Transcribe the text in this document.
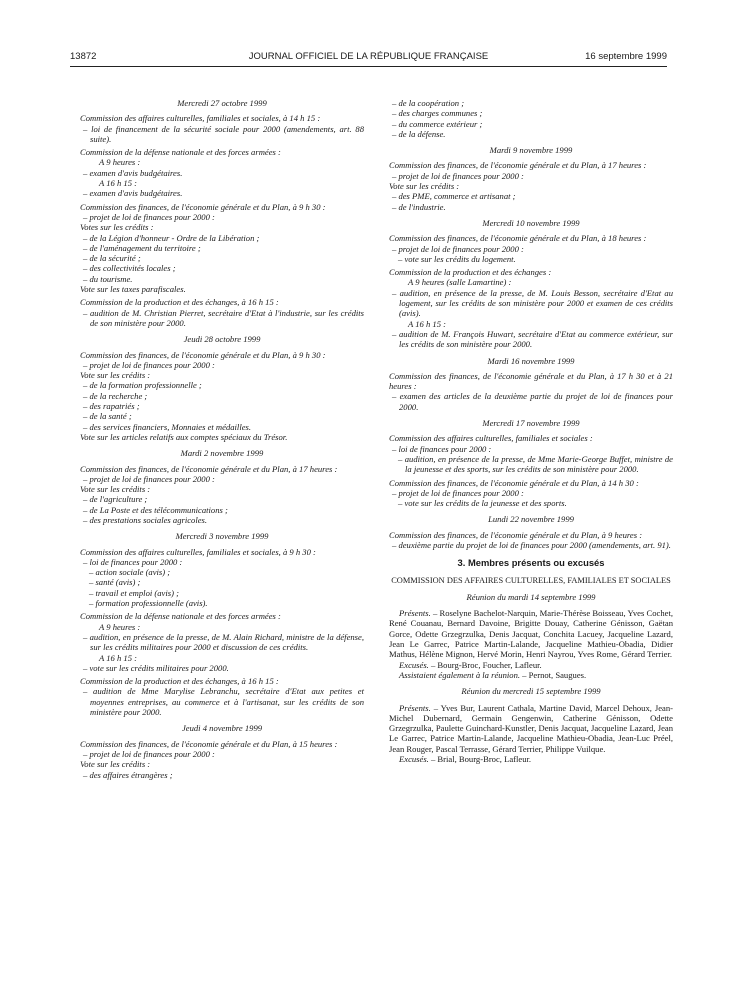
13872	JOURNAL OFFICIEL DE LA RÉPUBLIQUE FRANÇAISE	16 septembre 1999

Mercredi 27 octobre 1999

Commission des affaires culturelles, familiales et sociales, à 14 h 15 :

– loi de financement de la sécurité sociale pour 2000 (amendements, art. 88 suite).

Commission de la défense nationale et des forces armées :

A 9 heures :

– examen d'avis budgétaires.

A 16 h 15 :

– examen d'avis budgétaires.

Commission des finances, de l'économie générale et du Plan, à 9 h 30 :

– projet de loi de finances pour 2000 :

Votes sur les crédits :

– de la Légion d'honneur - Ordre de la Libération ;

– de l'aménagement du territoire ;

– de la sécurité ;

– des collectivités locales ;

– du tourisme.

Vote sur les taxes parafiscales.

Commission de la production et des échanges, à 16 h 15 :

– audition de M. Christian Pierret, secrétaire d'Etat à l'industrie, sur les crédits de son ministère pour 2000.

Jeudi 28 octobre 1999

Commission des finances, de l'économie générale et du Plan, à 9 h 30 :

– projet de loi de finances pour 2000 :

Vote sur les crédits :

– de la formation professionnelle ;

– de la recherche ;

– des rapatriés ;

– de la santé ;

– des services financiers, Monnaies et médailles.

Vote sur les articles relatifs aux comptes spéciaux du Trésor.

Mardi 2 novembre 1999

Commission des finances, de l'économie générale et du Plan, à 17 heures :

– projet de loi de finances pour 2000 :

Vote sur les crédits :

– de l'agriculture ;

– de La Poste et des télécommunications ;

– des prestations sociales agricoles.

Mercredi 3 novembre 1999

Commission des affaires culturelles, familiales et sociales, à 9 h 30 :

– loi de finances pour 2000 :

– action sociale (avis) ;

– santé (avis) ;

– travail et emploi (avis) ;

– formation professionnelle (avis).

Commission de la défense nationale et des forces armées :

A 9 heures :

– audition, en présence de la presse, de M. Alain Richard, ministre de la défense, sur les crédits militaires pour 2000 et discussion de ces crédits.

A 16 h 15 :

– vote sur les crédits militaires pour 2000.

Commission de la production et des échanges, à 16 h 15 :

– audition de Mme Marylise Lebranchu, secrétaire d'Etat aux petites et moyennes entreprises, au commerce et à l'artisanat, sur les crédits de son ministère pour 2000.

Jeudi 4 novembre 1999

Commission des finances, de l'économie générale et du Plan, à 15 heures :

– projet de loi de finances pour 2000 :

Vote sur les crédits :

– des affaires étrangères ;

– de la coopération ;

– des charges communes ;

– du commerce extérieur ;

– de la défense.

Mardi 9 novembre 1999

Commission des finances, de l'économie générale et du Plan, à 17 heures :

– projet de loi de finances pour 2000 :

Vote sur les crédits :

– des PME, commerce et artisanat ;

– de l'industrie.

Mercredi 10 novembre 1999

Commission des finances, de l'économie générale et du Plan, à 18 heures :

– projet de loi de finances pour 2000 :

– vote sur les crédits du logement.

Commission de la production et des échanges :

A 9 heures (salle Lamartine) :

– audition, en présence de la presse, de M. Louis Besson, secrétaire d'Etat au logement, sur les crédits de son ministère pour 2000 et examen de ces crédits (avis).

A 16 h 15 :

– audition de M. François Huwart, secrétaire d'Etat au commerce extérieur, sur les crédits de son ministère pour 2000.

Mardi 16 novembre 1999

Commission des finances, de l'économie générale et du Plan, à 17 h 30 et à 21 heures :

– examen des articles de la deuxième partie du projet de loi de finances pour 2000.

Mercredi 17 novembre 1999

Commission des affaires culturelles, familiales et sociales :

– loi de finances pour 2000 :

– audition, en présence de la presse, de Mme Marie-George Buffet, ministre de la jeunesse et des sports, sur les crédits de son ministère pour 2000.

Commission des finances, de l'économie générale et du Plan, à 14 h 30 :

– projet de loi de finances pour 2000 :

– vote sur les crédits de la jeunesse et des sports.

Lundi 22 novembre 1999

Commission des finances, de l'économie générale et du Plan, à 9 heures :

– deuxième partie du projet de loi de finances pour 2000 (amendements, art. 91).

3. Membres présents ou excusés

COMMISSION DES AFFAIRES CULTURELLES, FAMILIALES ET SOCIALES

Réunion du mardi 14 septembre 1999

Présents. – Roselyne Bachelot-Narquin, Marie-Thérèse Boisseau, Yves Cochet, René Couanau, Bernard Davoine, Brigitte Douay, Catherine Génisson, Gaëtan Gorce, Odette Grzegrzulka, Denis Jacquat, Conchita Lacuey, Jacqueline Lazard, Jean Le Garrec, Patrice Martin-Lalande, Jacqueline Mathieu-Obadia, Didier Mathus, Hélène Mignon, Hervé Morin, Henri Nayrou, Yves Rome, Gérard Terrier.

Excusés. – Bourg-Broc, Foucher, Lafleur.

Assistaient également à la réunion. – Pernot, Saugues.

Réunion du mercredi 15 septembre 1999

Présents. – Yves Bur, Laurent Cathala, Martine David, Marcel Dehoux, Jean-Michel Dubernard, Germain Gengenwin, Catherine Génisson, Odette Grzegrzulka, Paulette Guinchard-Kunstler, Denis Jacquat, Jacqueline Lazard, Jean Le Garrec, Patrice Martin-Lalande, Jacqueline Mathieu-Obadia, Jean-Luc Préel, Jean Rouger, Pascal Terrasse, Gérard Terrier, Philippe Vuilque.

Excusés. – Brial, Bourg-Broc, Lafleur.
